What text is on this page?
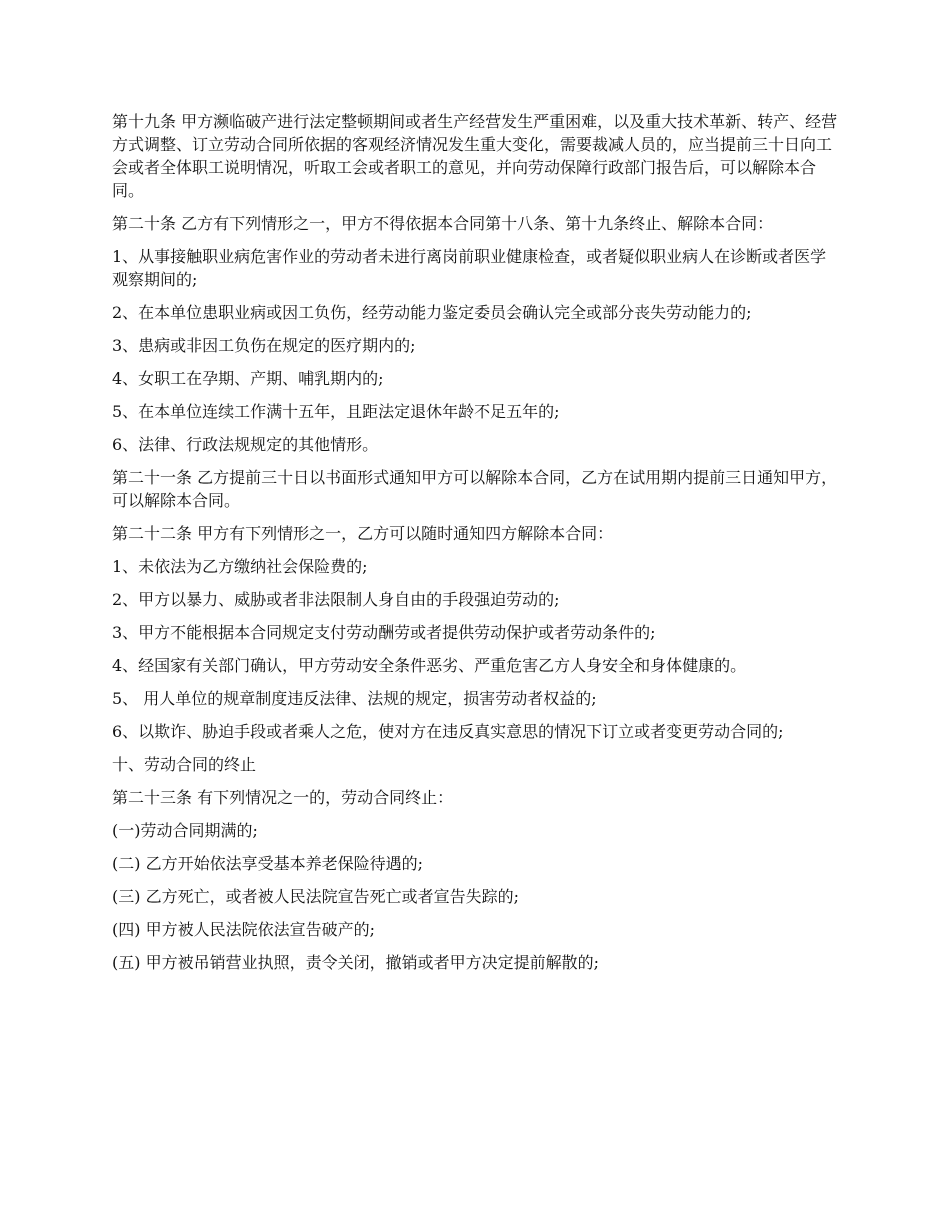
第十九条 甲方濒临破产进行法定整顿期间或者生产经营发生严重困难，以及重大技术革新、转产、经营方式调整、订立劳动合同所依据的客观经济情况发生重大变化，需要裁减人员的，应当提前三十日向工会或者全体职工说明情况，听取工会或者职工的意见，并向劳动保障行政部门报告后，可以解除本合同。

第二十条 乙方有下列情形之一，甲方不得依据本合同第十八条、第十九条终止、解除本合同：

1、从事接触职业病危害作业的劳动者未进行离岗前职业健康检查，或者疑似职业病人在诊断或者医学观察期间的;

2、在本单位患职业病或因工负伤，经劳动能力鉴定委员会确认完全或部分丧失劳动能力的;

3、患病或非因工负伤在规定的医疗期内的;

4、女职工在孕期、产期、哺乳期内的;

5、在本单位连续工作满十五年，且距法定退休年龄不足五年的;

6、法律、行政法规规定的其他情形。

第二十一条 乙方提前三十日以书面形式通知甲方可以解除本合同，乙方在试用期内提前三日通知甲方，可以解除本合同。

第二十二条 甲方有下列情形之一，乙方可以随时通知四方解除本合同：

1、未依法为乙方缴纳社会保险费的;

2、甲方以暴力、威胁或者非法限制人身自由的手段强迫劳动的;

3、甲方不能根据本合同规定支付劳动酬劳或者提供劳动保护或者劳动条件的;

4、经国家有关部门确认，甲方劳动安全条件恶劣、严重危害乙方人身安全和身体健康的。

5、 用人单位的规章制度违反法律、法规的规定，损害劳动者权益的;

6、以欺诈、胁迫手段或者乘人之危，使对方在违反真实意思的情况下订立或者变更劳动合同的;

十、劳动合同的终止

第二十三条 有下列情况之一的，劳动合同终止：

(一)劳动合同期满的;

(二) 乙方开始依法享受基本养老保险待遇的;

(三) 乙方死亡，或者被人民法院宣告死亡或者宣告失踪的;

(四) 甲方被人民法院依法宣告破产的;

(五) 甲方被吊销营业执照，责令关闭，撤销或者甲方决定提前解散的;
